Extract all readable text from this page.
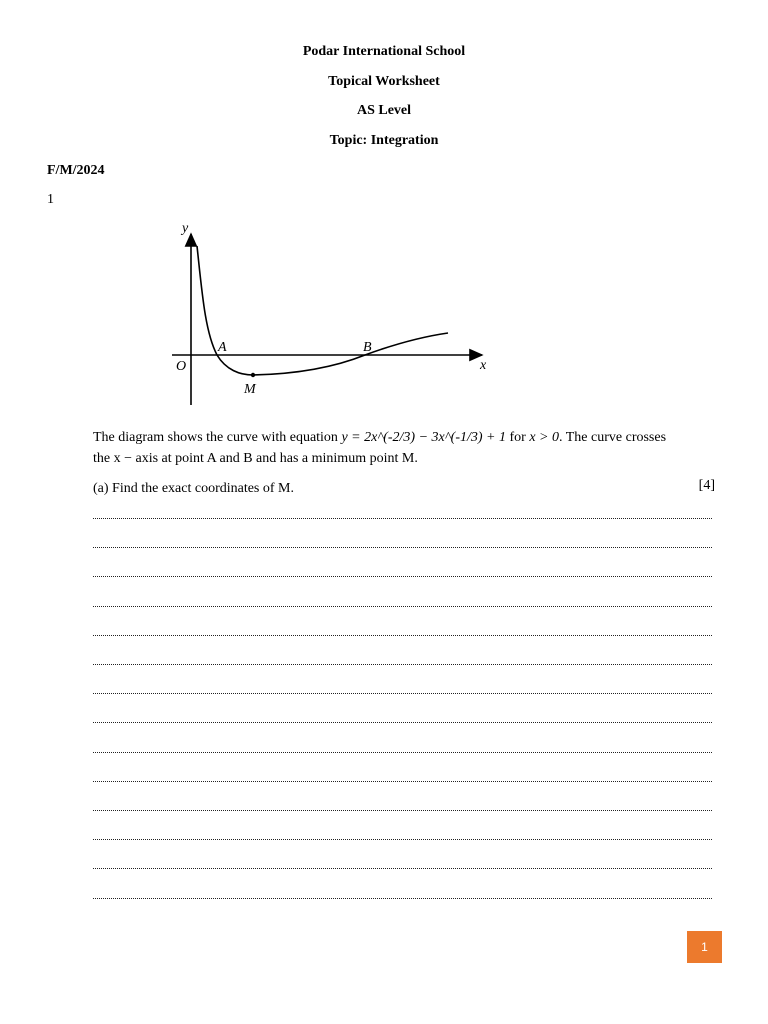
Podar International School
Topical Worksheet
AS Level
Topic: Integration
F/M/2024
1
y
x
O
A	B
M
The diagram shows the curve with equation y = 2x^(-2/3) − 3x^(-1/3) + 1 for x > 0. The curve crosses
the x − axis at point A and B and has a minimum point M.
(a) Find the exact coordinates of M.	[4]
1
